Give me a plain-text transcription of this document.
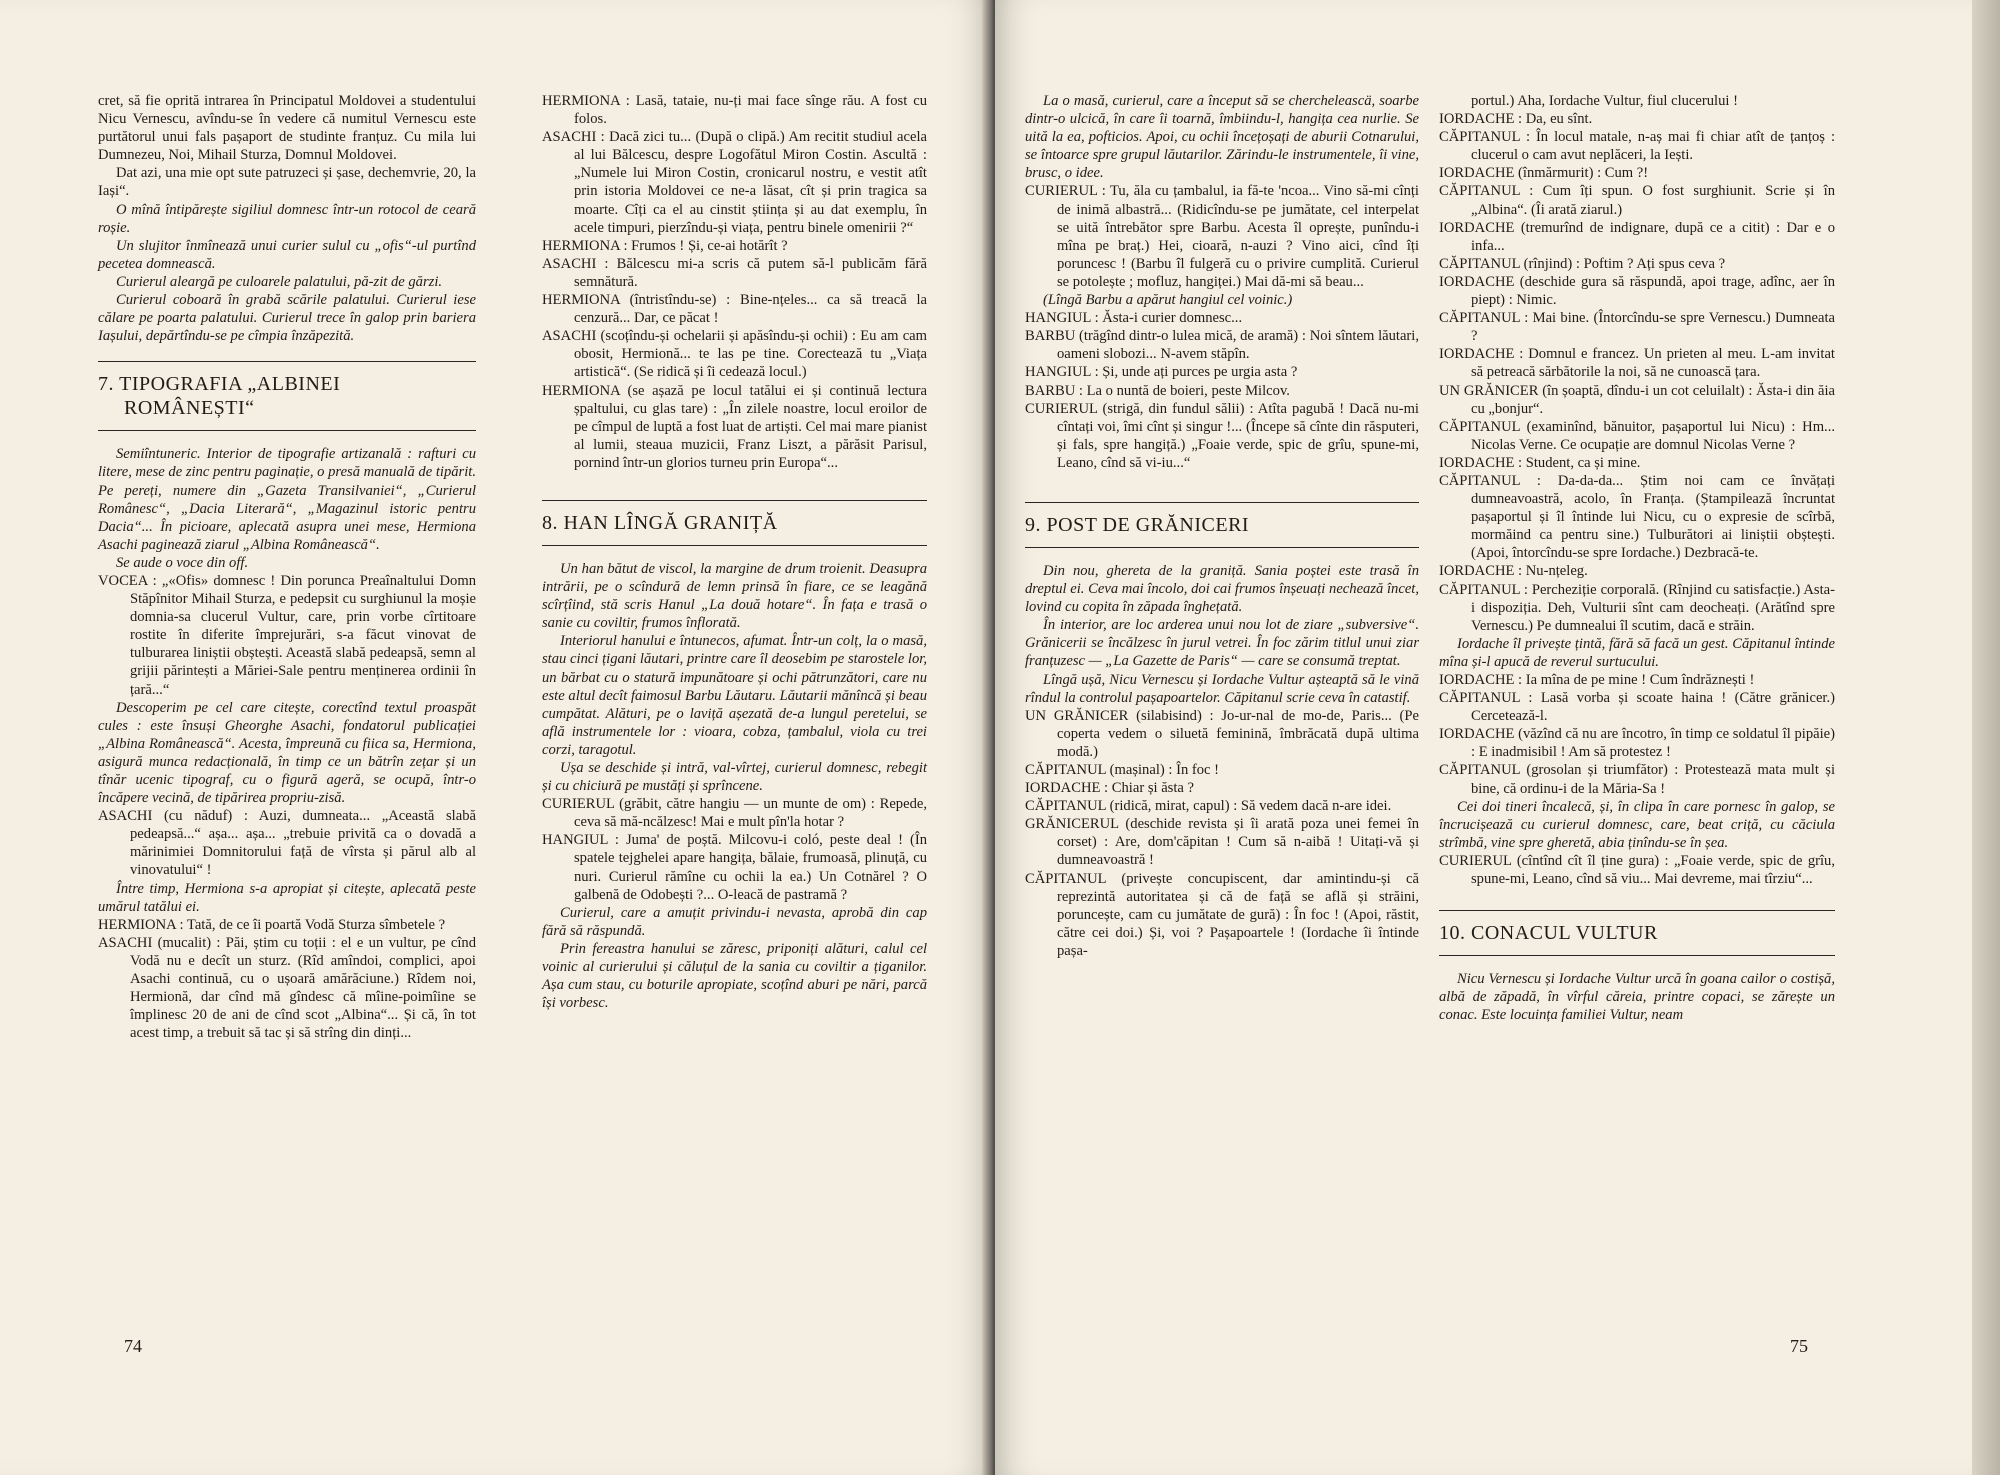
cret, să fie oprită intrarea în Principatul Moldovei a studentului Nicu Vernescu, avîndu-se în vedere că numitul Vernescu este purtătorul unui fals pașaport de studinte franțuz. Cu mila lui Dumnezeu, Noi, Mihail Sturza, Domnul Moldovei.

Dat azi, una mie opt sute patruzeci și șase, dechemvrie, 20, la Iași“.

O mînă întipărește sigiliul domnesc într-un rotocol de ceară roșie.

Un slujitor înmînează unui curier sulul cu „ofis“-ul purtînd pecetea domnească.

Curierul aleargă pe culoarele palatului, pă-zit de gărzi.

Curierul coboară în grabă scările palatului. Curierul iese călare pe poarta palatului. Curierul trece în galop prin bariera Iașului, depărtîndu-se pe cîmpia înzăpezită.

7. TIPOGRAFIA „ALBINEI
ROMÂNEȘTI“

Semiîntuneric. Interior de tipografie artizanală : rafturi cu litere, mese de zinc pentru paginație, o presă manuală de tipărit. Pe pereți, numere din „Gazeta Transilvaniei“, „Curierul Românesc“, „Dacia Literară“, „Magazinul istoric pentru Dacia“... În picioare, aplecată asupra unei mese, Hermiona Asachi paginează ziarul „Albina Românească“.

Se aude o voce din off.

VOCEA : „«Ofis» domnesc ! Din porunca Preaînaltului Domn Stăpînitor Mihail Sturza, e pedepsit cu surghiunul la moșie domnia-sa clucerul Vultur, care, prin vorbe cîrtitoare rostite în diferite împrejurări, s-a făcut vinovat de tulburarea liniștii obștești. Această slabă pedeapsă, semn al grijii părintești a Măriei-Sale pentru menținerea ordinii în țară...“

Descoperim pe cel care citește, corectînd textul proaspăt cules : este însuși Gheorghe Asachi, fondatorul publicației „Albina Românească“. Acesta, împreună cu fiica sa, Hermiona, asigură munca redacțională, în timp ce un bătrîn zețar și un tînăr ucenic tipograf, cu o figură ageră, se ocupă, într-o încăpere vecină, de tipărirea propriu-zisă.

ASACHI (cu năduf) : Auzi, dumneata... „Această slabă pedeapsă...“ așa... așa... „trebuie privită ca o dovadă a mărinimiei Domnitorului față de vîrsta și părul alb al vinovatului“ !

Între timp, Hermiona s-a apropiat și citește, aplecată peste umărul tatălui ei.

HERMIONA : Tată, de ce îi poartă Vodă Sturza sîmbetele ?

ASACHI (mucalit) : Păi, știm cu toții : el e un vultur, pe cînd Vodă nu e decît un sturz. (Rîd amîndoi, complici, apoi Asachi continuă, cu o ușoară amărăciune.) Rîdem noi, Hermionă, dar cînd mă gîndesc că mîine-poimîine se împlinesc 20 de ani de cînd scot „Albina“... Și că, în tot acest timp, a trebuit să tac și să strîng din dinți...

HERMIONA : Lasă, tataie, nu-ți mai face sînge rău. A fost cu folos.

ASACHI : Dacă zici tu... (După o clipă.) Am recitit studiul acela al lui Bălcescu, despre Logofătul Miron Costin. Ascultă : „Numele lui Miron Costin, cronicarul nostru, e vestit atît prin istoria Moldovei ce ne-a lăsat, cît și prin tragica sa moarte. Cîți ca el au cinstit știința și au dat exemplu, în acele timpuri, pierzîndu-și viața, pentru binele omenirii ?“

HERMIONA : Frumos ! Și, ce-ai hotărît ?

ASACHI : Bălcescu mi-a scris că putem să-l publicăm fără semnătură.

HERMIONA (întristîndu-se) : Bine-nțeles... ca să treacă la cenzură... Dar, ce păcat !

ASACHI (scoțîndu-și ochelarii și apăsîndu-și ochii) : Eu am cam obosit, Hermionă... te las pe tine. Corectează tu „Viața artistică“. (Se ridică și îi cedează locul.)

HERMIONA (se așază pe locul tatălui ei și continuă lectura șpaltului, cu glas tare) : „În zilele noastre, locul eroilor de pe cîmpul de luptă a fost luat de artiști. Cel mai mare pianist al lumii, steaua muzicii, Franz Liszt, a părăsit Parisul, pornind într-un glorios turneu prin Europa“...

8. HAN LÎNGĂ GRANIȚĂ

Un han bătut de viscol, la margine de drum troienit. Deasupra intrării, pe o scîndură de lemn prinsă în fiare, ce se leagănă scîrțîind, stă scris Hanul „La două hotare“. În fața e trasă o sanie cu coviltir, frumos înflorată.

Interiorul hanului e întunecos, afumat. Într-un colț, la o masă, stau cinci țigani lăutari, printre care îl deosebim pe starostele lor, un bărbat cu o statură impunătoare și ochi pătrunzători, care nu este altul decît faimosul Barbu Lăutaru. Lăutarii mănîncă și beau cumpătat. Alături, pe o laviță așezată de-a lungul peretelui, se află instrumentele lor : vioara, cobza, țambalul, viola cu trei corzi, taragotul.

Ușa se deschide și intră, val-vîrtej, curierul domnesc, rebegit și cu chiciură pe mustăți și sprîncene.

CURIERUL (grăbit, către hangiu — un munte de om) : Repede, ceva să mă-ncălzesc! Mai e mult pîn'la hotar ?

HANGIUL : Juma' de poștă. Milcovu-i coló, peste deal ! (În spatele tejghelei apare hangița, bălaie, frumoasă, plinuță, cu nuri. Curierul rămîne cu ochii la ea.) Un Cotnărel ? O galbenă de Odobești ?... O-leacă de pastramă ?

Curierul, care a amuțit privindu-i nevasta, aprobă din cap fără să răspundă.

Prin fereastra hanului se zăresc, priponiți alături, calul cel voinic al curierului și căluțul de la sania cu coviltir a țiganilor. Așa cum stau, cu boturile apropiate, scoțînd aburi pe nări, parcă își vorbesc.

74

La o masă, curierul, care a început să se chercheleascä, soarbe dintr-o ulcică, în care îi toarnă, îmbiindu-l, hangița cea nurlie. Se uită la ea, pofticios. Apoi, cu ochii încețoșați de aburii Cotnarului, se întoarce spre grupul lăutarilor. Zărindu-le instrumentele, îi vine, brusc, o idee.

CURIERUL : Tu, ăla cu țambalul, ia fă-te 'ncoa... Vino să-mi cînți de inimă albastră... (Ridicîndu-se pe jumătate, cel interpelat se uită întrebător spre Barbu. Acesta îl oprește, punîndu-i mîna pe braț.) Hei, cioară, n-auzi ? Vino aici, cînd îți poruncesc ! (Barbu îl fulgeră cu o privire cumplită. Curierul se potolește ; mofluz, hangiței.) Mai dă-mi să beau...

(Lîngă Barbu a apărut hangiul cel voinic.)

HANGIUL : Ăsta-i curier domnesc...

BARBU (trăgînd dintr-o lulea mică, de aramă) : Noi sîntem lăutari, oameni slobozi... N-avem stăpîn.

HANGIUL : Și, unde ați purces pe urgia asta ?

BARBU : La o nuntă de boieri, peste Milcov.

CURIERUL (strigă, din fundul sălii) : Atîta pagubă ! Dacă nu-mi cîntați voi, îmi cînt și singur !... (Începe să cînte din răsputeri, și fals, spre hangiță.) „Foaie verde, spic de grîu, spune-mi, Leano, cînd să vi-iu...“

9. POST DE GRĂNICERI

Din nou, ghereta de la graniță. Sania poștei este trasă în dreptul ei. Ceva mai încolo, doi cai frumos înșeuați nechează încet, lovind cu copita în zăpada înghețată.

În interior, are loc arderea unui nou lot de ziare „subversive“. Grănicerii se încălzesc în jurul vetrei. În foc zărim titlul unui ziar franțuzesc — „La Gazette de Paris“ — care se consumă treptat.

Lîngă ușă, Nicu Vernescu și Iordache Vultur așteaptă să le vină rîndul la controlul pașapoartelor. Căpitanul scrie ceva în catastif.

UN GRĂNICER (silabisind) : Jo-ur-nal de mo-de, Paris... (Pe coperta vedem o siluetă feminină, îmbrăcată după ultima modă.)

CĂPITANUL (mașinal) : În foc !

IORDACHE : Chiar și ăsta ?

CĂPITANUL (ridică, mirat, capul) : Să vedem dacă n-are idei.

GRĂNICERUL (deschide revista și îi arată poza unei femei în corset) : Are, dom'căpitan ! Cum să n-aibă ! Uitați-vă și dumneavoastră !

CĂPITANUL (privește concupiscent, dar amintindu-și că reprezintă autoritatea și că de față se află și străini, poruncește, cam cu jumătate de gură) : În foc ! (Apoi, răstit, către cei doi.) Și, voi ? Pașapoartele ! (Iordache îi întinde pașa-

portul.) Aha, Iordache Vultur, fiul clucerului !

IORDACHE : Da, eu sînt.

CĂPITANUL : În locul matale, n-aș mai fi chiar atît de țanțoș : clucerul o cam avut neplăceri, la Iești.

IORDACHE (înmărmurit) : Cum ?!

CĂPITANUL : Cum îți spun. O fost surghiunit. Scrie și în „Albina“. (Îi arată ziarul.)

IORDACHE (tremurînd de indignare, după ce a citit) : Dar e o infa...

CĂPITANUL (rînjind) : Poftim ? Ați spus ceva ?

IORDACHE (deschide gura să răspundă, apoi trage, adînc, aer în piept) : Nimic.

CĂPITANUL : Mai bine. (Întorcîndu-se spre Vernescu.) Dumneata ?

IORDACHE : Domnul e francez. Un prieten al meu. L-am invitat să petreacă sărbătorile la noi, să ne cunoască țara.

UN GRĂNICER (în șoaptă, dîndu-i un cot celuilalt) : Ăsta-i din ăia cu „bonjur“.

CĂPITANUL (examinînd, bănuitor, pașaportul lui Nicu) : Hm... Nicolas Verne. Ce ocupație are domnul Nicolas Verne ?

IORDACHE : Student, ca și mine.

CĂPITANUL : Da-da-da... Știm noi cam ce învățați dumneavoastră, acolo, în Franța. (Ștampilează încruntat pașaportul și îl întinde lui Nicu, cu o expresie de scîrbă, mormăind ca pentru sine.) Tulburători ai liniștii obștești. (Apoi, întorcîndu-se spre Iordache.) Dezbracă-te.

IORDACHE : Nu-nțeleg.

CĂPITANUL : Percheziție corporală. (Rînjind cu satisfacție.) Asta-i dispoziția. Deh, Vulturii sînt cam deocheați. (Arătînd spre Vernescu.) Pe dumnealui îl scutim, dacă e străin.

Iordache îl privește țintă, fără să facă un gest. Căpitanul întinde mîna și-l apucă de reverul surtucului.

IORDACHE : Ia mîna de pe mine ! Cum îndrăznești !

CĂPITANUL : Lasă vorba și scoate haina ! (Către grănicer.) Cercetează-l.

IORDACHE (văzînd că nu are încotro, în timp ce soldatul îl pipăie) : E inadmisibil ! Am să protestez !

CĂPITANUL (grosolan și triumfător) : Protestează mata mult și bine, că ordinu-i de la Măria-Sa !

Cei doi tineri încalecă, și, în clipa în care pornesc în galop, se încrucișează cu curierul domnesc, care, beat criță, cu căciula strîmbă, vine spre gheretă, abia ținîndu-se în șea.

CURIERUL (cîntînd cît îl ține gura) : „Foaie verde, spic de grîu, spune-mi, Leano, cînd să viu... Mai devreme, mai tîrziu“...

10. CONACUL VULTUR

Nicu Vernescu și Iordache Vultur urcă în goana cailor o costișă, albă de zăpadă, în vîrful căreia, printre copaci, se zărește un conac. Este locuința familiei Vultur, neam

75
